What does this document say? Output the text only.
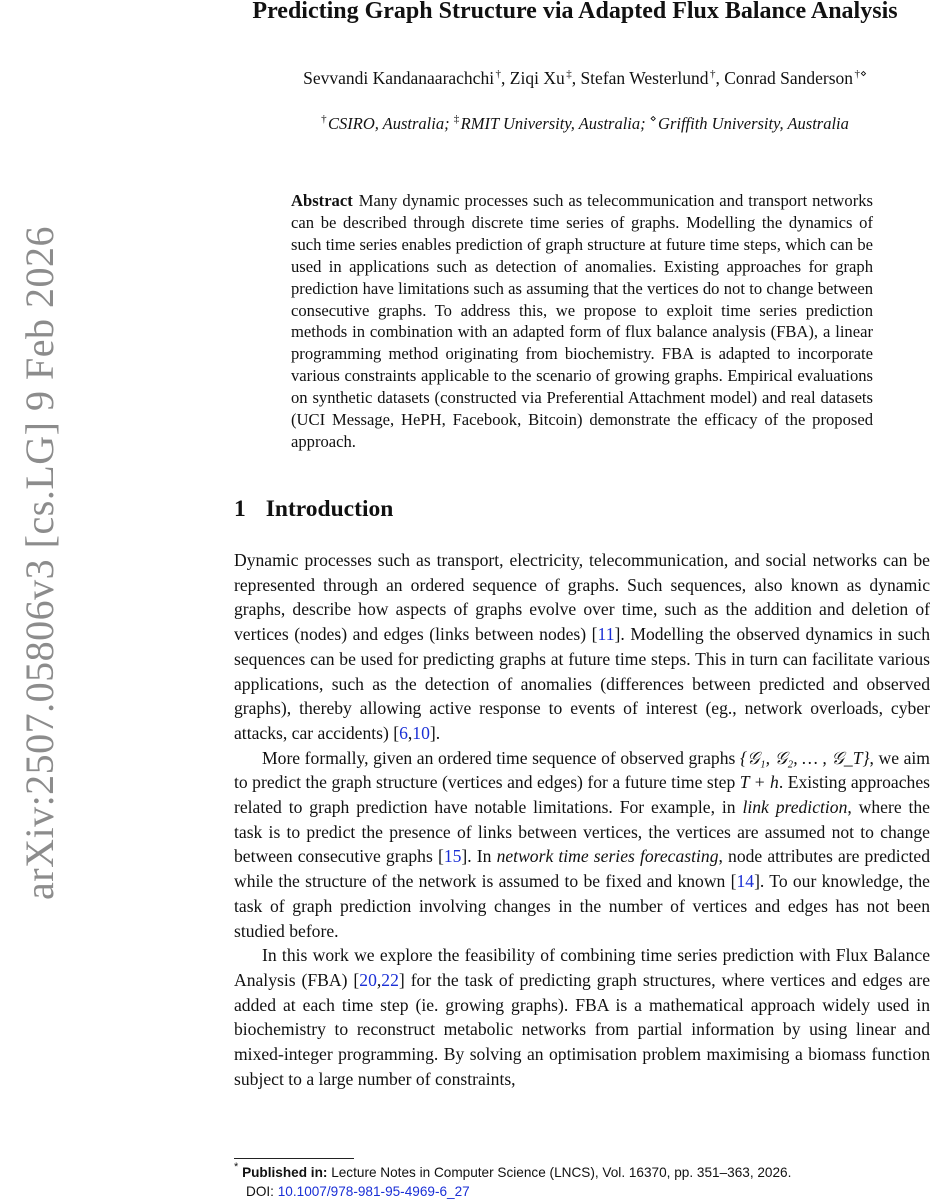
arXiv:2507.05806v3 [cs.LG] 9 Feb 2026
Predicting Graph Structure via Adapted Flux Balance Analysis
Sevvandi Kandanaarachchi †, Ziqi Xu ‡, Stefan Westerlund †, Conrad Sanderson †⋄
† CSIRO, Australia; ‡ RMIT University, Australia; ⋄ Griffith University, Australia
Abstract Many dynamic processes such as telecommunication and transport networks can be described through discrete time series of graphs. Modelling the dynamics of such time series enables prediction of graph structure at future time steps, which can be used in applications such as detection of anomalies. Existing approaches for graph prediction have limitations such as assuming that the vertices do not to change between consecutive graphs. To address this, we propose to exploit time series prediction methods in combination with an adapted form of flux balance analysis (FBA), a linear programming method originating from biochemistry. FBA is adapted to incorporate various constraints applicable to the scenario of growing graphs. Empirical evaluations on synthetic datasets (constructed via Preferential Attachment model) and real datasets (UCI Message, HePH, Facebook, Bitcoin) demonstrate the efficacy of the proposed approach.
1 Introduction

Dynamic processes such as transport, electricity, telecommunication, and social networks can be represented through an ordered sequence of graphs. Such sequences, also known as dynamic graphs, describe how aspects of graphs evolve over time, such as the addition and deletion of vertices (nodes) and edges (links between nodes) [11]. Modelling the observed dynamics in such sequences can be used for predicting graphs at future time steps. This in turn can facilitate various applications, such as the detection of anomalies (differences between predicted and observed graphs), thereby allowing active response to events of interest (eg., network overloads, cyber attacks, car accidents) [6,10].

More formally, given an ordered time sequence of observed graphs {𝒢₁, 𝒢₂, … , 𝒢_T}, we aim to predict the graph structure (vertices and edges) for a future time step T + h. Existing approaches related to graph prediction have notable limitations. For example, in link prediction, where the task is to predict the presence of links between vertices, the vertices are assumed not to change between consecutive graphs [15]. In network time series forecasting, node attributes are predicted while the structure of the network is assumed to be fixed and known [14]. To our knowledge, the task of graph prediction involving changes in the number of vertices and edges has not been studied before.

In this work we explore the feasibility of combining time series prediction with Flux Balance Analysis (FBA) [20,22] for the task of predicting graph structures, where vertices and edges are added at each time step (ie. growing graphs). FBA is a mathematical approach widely used in biochemistry to reconstruct metabolic networks from partial information by using linear and mixed-integer programming. By solving an optimisation problem maximising a biomass function subject to a large number of constraints,

* Published in: Lecture Notes in Computer Science (LNCS), Vol. 16370, pp. 351–363, 2026.
DOI: 10.1007/978-981-95-4969-6_27
